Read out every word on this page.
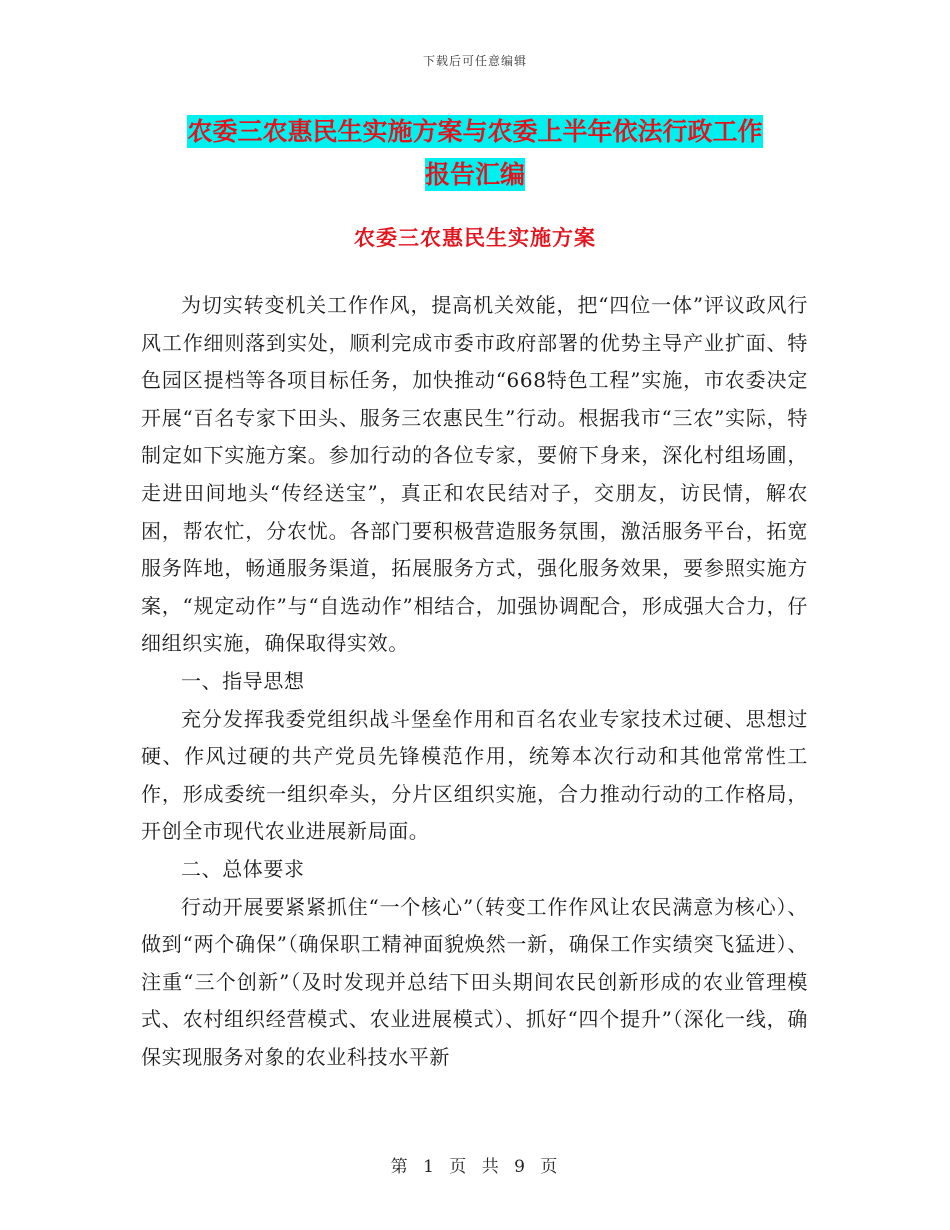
下载后可任意编辑
农委三农惠民生实施方案与农委上半年依法行政工作
报告汇编
农委三农惠民生实施方案

为切实转变机关工作作风，提高机关效能，把“四位一体”评议政风行风工作细则落到实处，顺利完成市委市政府部署的优势主导产业扩面、特色园区提档等各项目标任务，加快推动“668特色工程”实施，市农委决定开展“百名专家下田头、服务三农惠民生”行动。根据我市“三农”实际，特制定如下实施方案。参加行动的各位专家，要俯下身来，深化村组场圃，走进田间地头“传经送宝”，真正和农民结对子，交朋友，访民情，解农困，帮农忙，分农忧。各部门要积极营造服务氛围，激活服务平台，拓宽服务阵地，畅通服务渠道，拓展服务方式，强化服务效果，要参照实施方案，“规定动作”与“自选动作”相结合，加强协调配合，形成强大合力，仔细组织实施，确保取得实效。

一、指导思想

充分发挥我委党组织战斗堡垒作用和百名农业专家技术过硬、思想过硬、作风过硬的共产党员先锋模范作用，统筹本次行动和其他常常性工作，形成委统一组织牵头，分片区组织实施，合力推动行动的工作格局，开创全市现代农业进展新局面。

二、总体要求

行动开展要紧紧抓住“一个核心”（转变工作作风让农民满意为核心）、做到“两个确保”（确保职工精神面貌焕然一新，确保工作实绩突飞猛进）、注重“三个创新”（及时发现并总结下田头期间农民创新形成的农业管理模式、农村组织经营模式、农业进展模式）、抓好“四个提升”（深化一线，确保实现服务对象的农业科技水平新

第 1 页 共 9 页
